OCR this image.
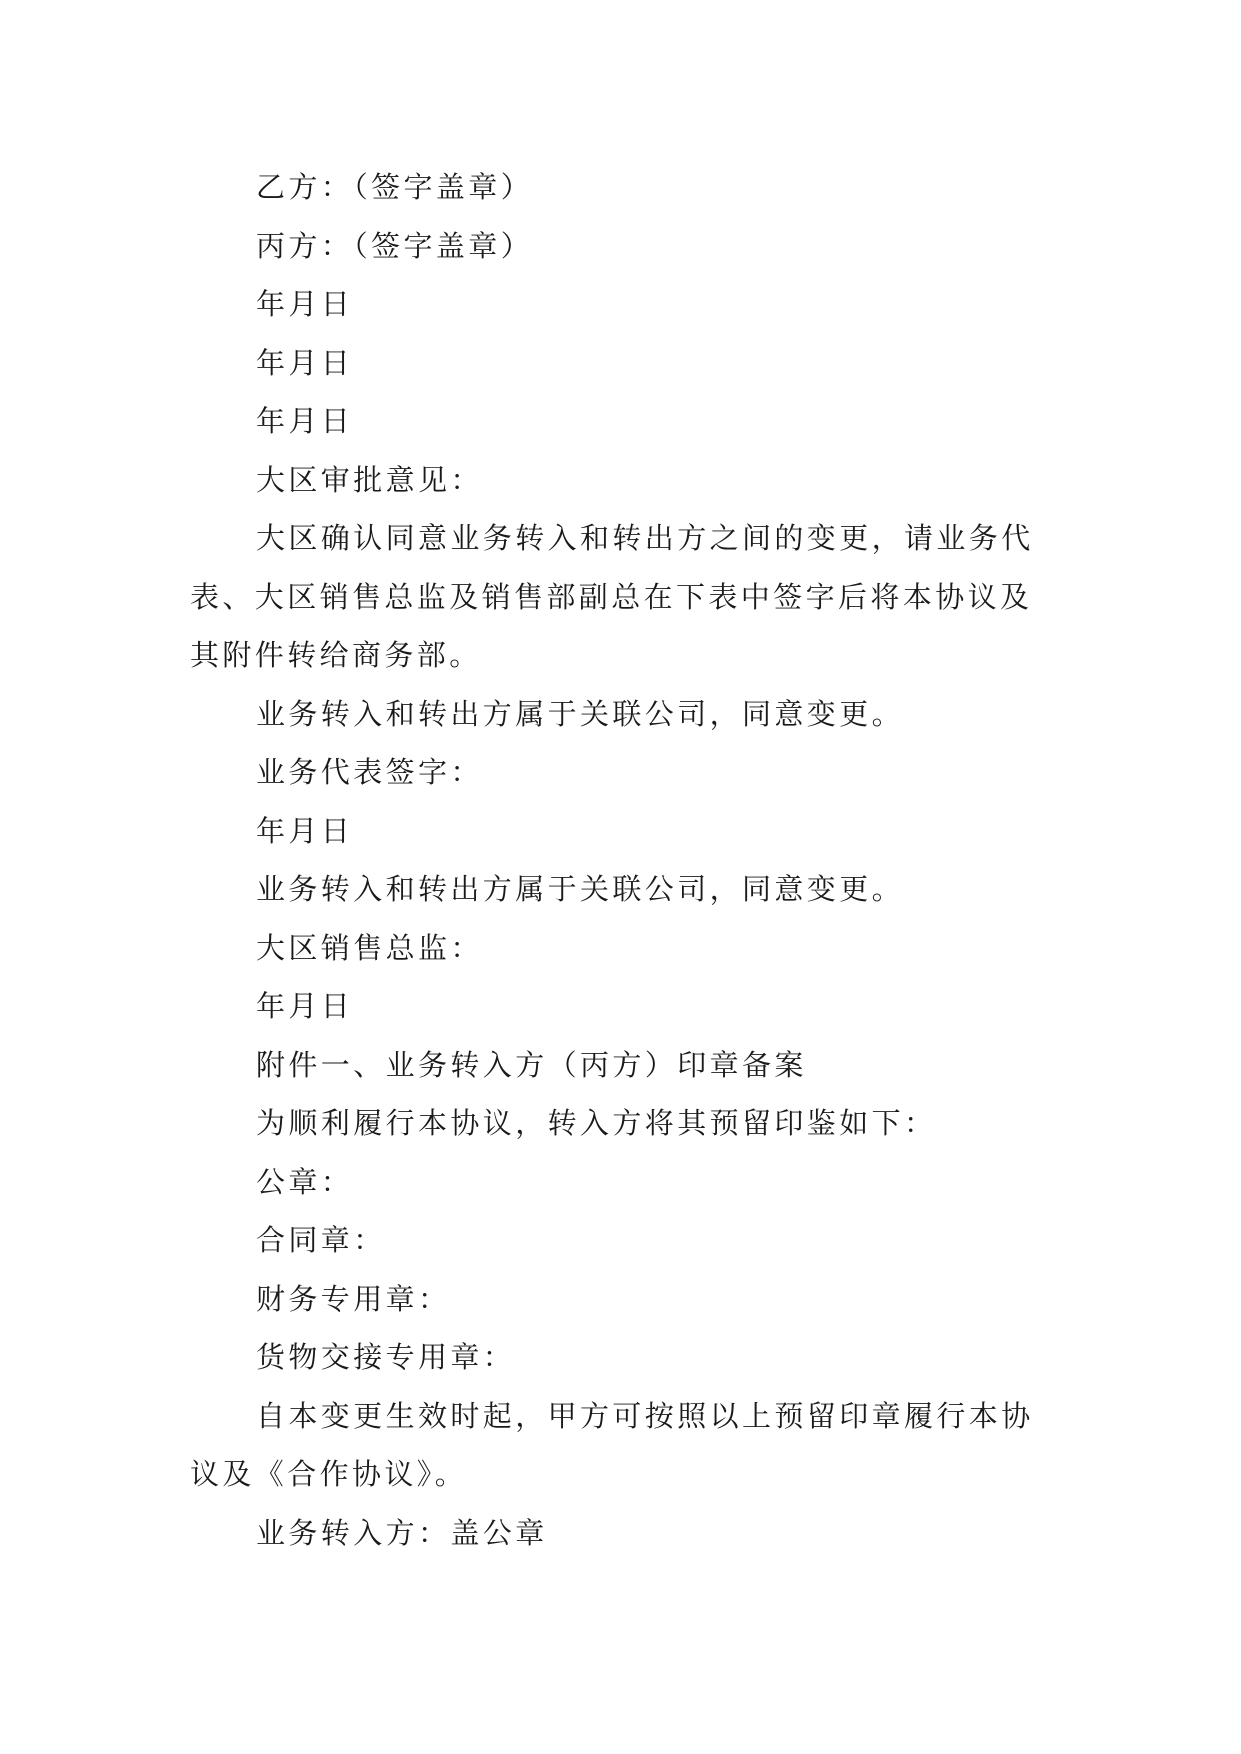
乙方：（签字盖章）

丙方：（签字盖章）

年月日

年月日

年月日

大区审批意见：

大区确认同意业务转入和转出方之间的变更，请业务代表、大区销售总监及销售部副总在下表中签字后将本协议及其附件转给商务部。

业务转入和转出方属于关联公司，同意变更。

业务代表签字：

年月日

业务转入和转出方属于关联公司，同意变更。

大区销售总监：

年月日

附件一、业务转入方（丙方）印章备案

为顺利履行本协议，转入方将其预留印鉴如下：

公章：

合同章：

财务专用章：

货物交接专用章：

自本变更生效时起，甲方可按照以上预留印章履行本协议及《合作协议》。

业务转入方：盖公章
